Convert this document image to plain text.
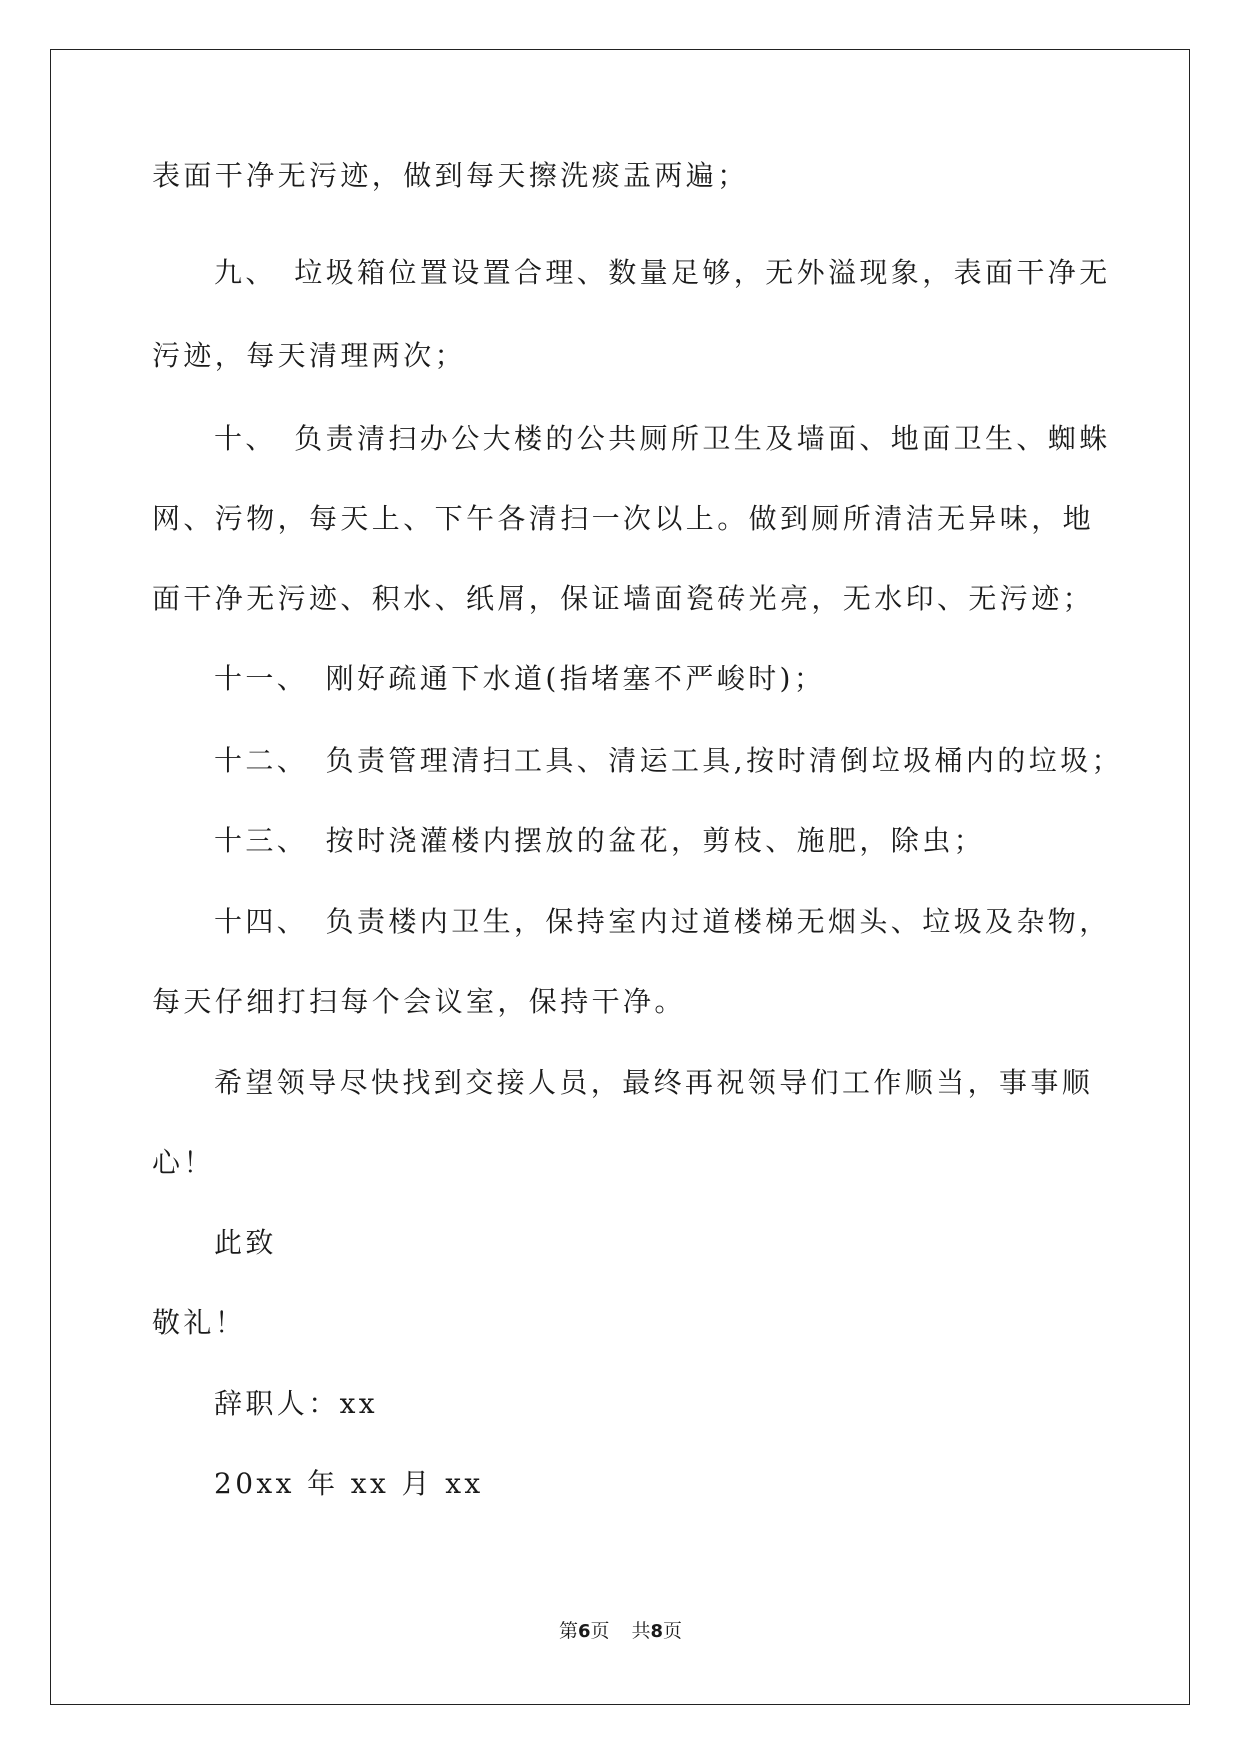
表面干净无污迹，做到每天擦洗痰盂两遍；
九、　垃圾箱位置设置合理、数量足够，无外溢现象，表面干净无
污迹，每天清理两次；
十、　负责清扫办公大楼的公共厕所卫生及墙面、地面卫生、蜘蛛
网、污物，每天上、下午各清扫一次以上。做到厕所清洁无异味，地
面干净无污迹、积水、纸屑，保证墙面瓷砖光亮，无水印、无污迹；
十一、　刚好疏通下水道(指堵塞不严峻时)；
十二、　负责管理清扫工具、清运工具,按时清倒垃圾桶内的垃圾；
十三、　按时浇灌楼内摆放的盆花，剪枝、施肥，除虫；
十四、　负责楼内卫生，保持室内过道楼梯无烟头、垃圾及杂物，
每天仔细打扫每个会议室，保持干净。
希望领导尽快找到交接人员，最终再祝领导们工作顺当，事事顺
心！
此致
敬礼！
辞职人：xx
20xx 年 xx 月 xx
第6页 共8页
